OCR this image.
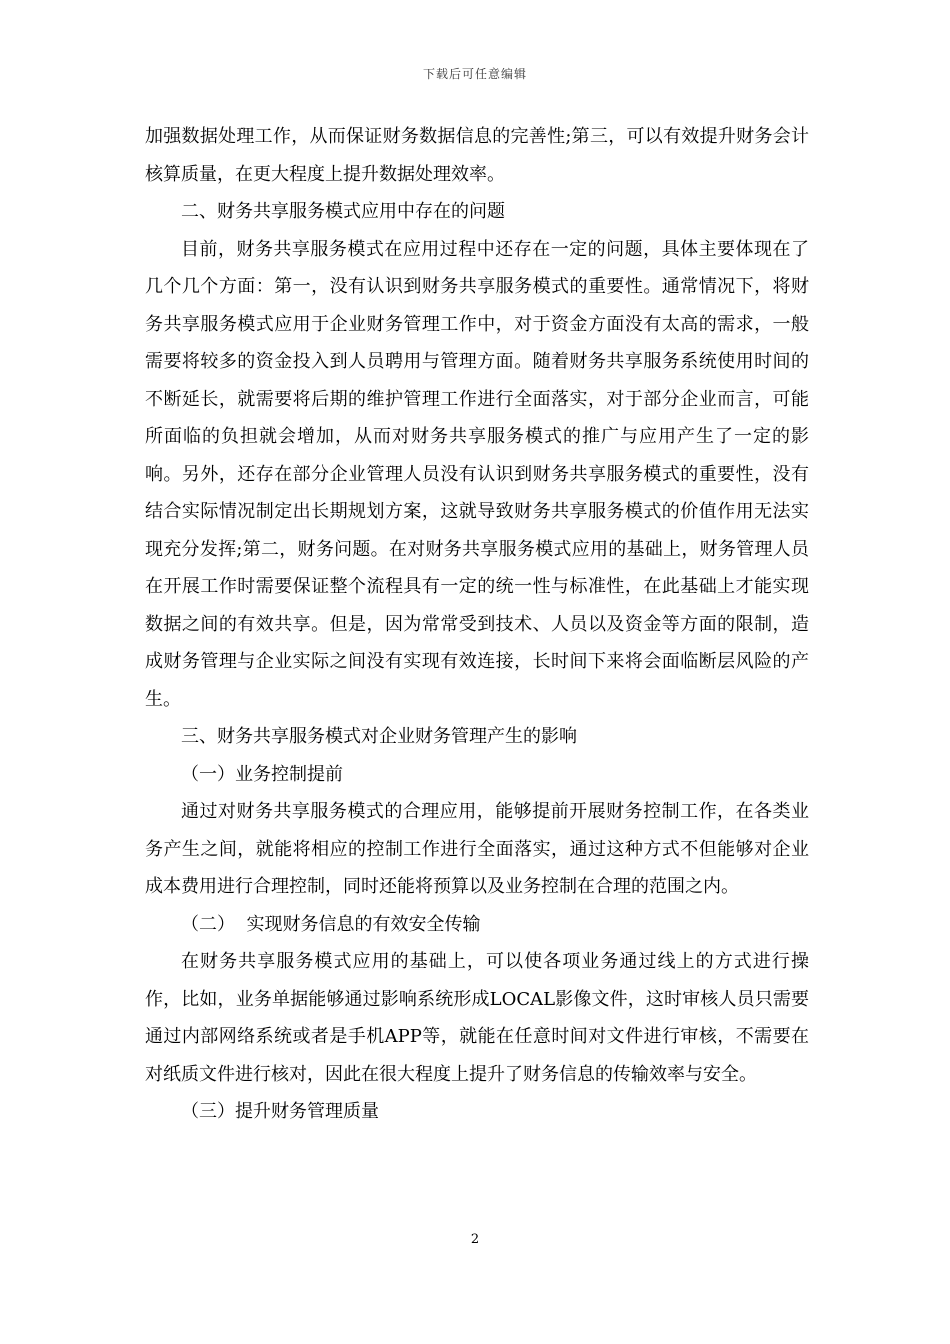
下载后可任意编辑

加强数据处理工作，从而保证财务数据信息的完善性;第三，可以有效提升财务会计核算质量，在更大程度上提升数据处理效率。

二、财务共享服务模式应用中存在的问题

目前，财务共享服务模式在应用过程中还存在一定的问题，具体主要体现在了几个几个方面：第一，没有认识到财务共享服务模式的重要性。通常情况下，将财务共享服务模式应用于企业财务管理工作中，对于资金方面没有太高的需求，一般需要将较多的资金投入到人员聘用与管理方面。随着财务共享服务系统使用时间的不断延长，就需要将后期的维护管理工作进行全面落实，对于部分企业而言，可能所面临的负担就会增加，从而对财务共享服务模式的推广与应用产生了一定的影响。另外，还存在部分企业管理人员没有认识到财务共享服务模式的重要性，没有结合实际情况制定出长期规划方案，这就导致财务共享服务模式的价值作用无法实现充分发挥;第二，财务问题。在对财务共享服务模式应用的基础上，财务管理人员在开展工作时需要保证整个流程具有一定的统一性与标准性，在此基础上才能实现数据之间的有效共享。但是，因为常常受到技术、人员以及资金等方面的限制，造成财务管理与企业实际之间没有实现有效连接，长时间下来将会面临断层风险的产生。

三、财务共享服务模式对企业财务管理产生的影响

（一）业务控制提前

通过对财务共享服务模式的合理应用，能够提前开展财务控制工作，在各类业务产生之间，就能将相应的控制工作进行全面落实，通过这种方式不但能够对企业成本费用进行合理控制，同时还能将预算以及业务控制在合理的范围之内。

（二）  实现财务信息的有效安全传输

在财务共享服务模式应用的基础上，可以使各项业务通过线上的方式进行操作，比如，业务单据能够通过影响系统形成LOCAL影像文件，这时审核人员只需要通过内部网络系统或者是手机APP等，就能在任意时间对文件进行审核，不需要在对纸质文件进行核对，因此在很大程度上提升了财务信息的传输效率与安全。

（三）提升财务管理质量

2
